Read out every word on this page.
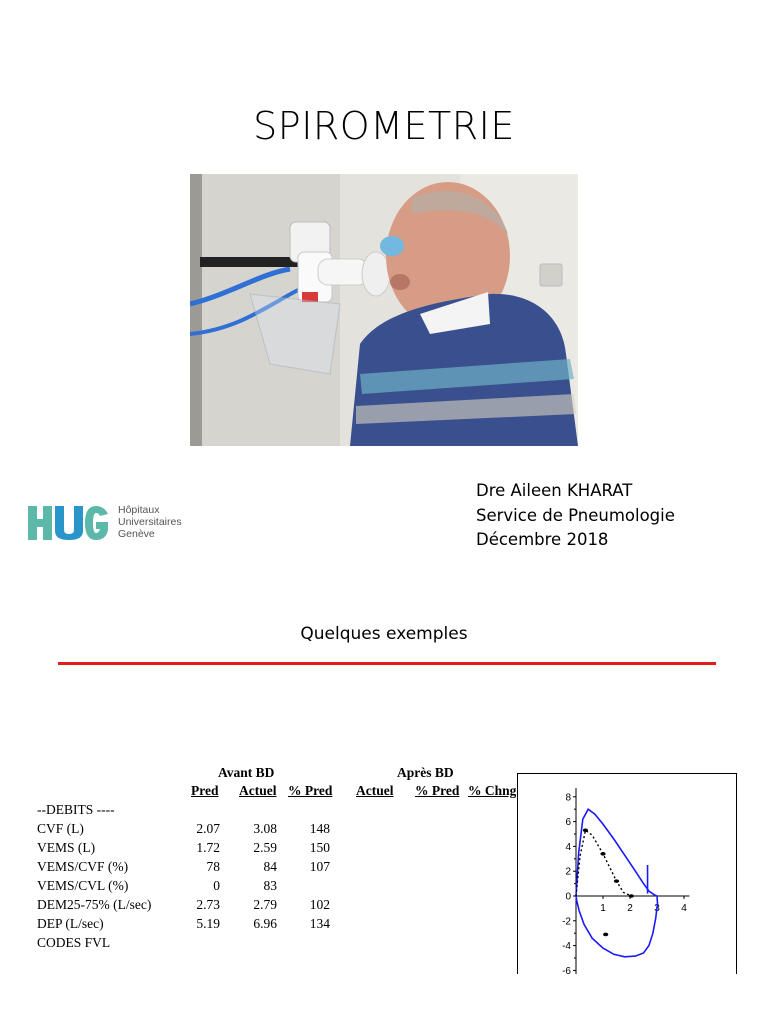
SPIROMETRIE
Hôpitaux
Universitaires
Genève
Dre Aileen KHARAT
Service de Pneumologie
Décembre 2018
Quelques exemples
Avant BD	Après BD
Pred Actuel % Pred Actuel % Pred % Chng
--DEBITS ----
CVF (L)	2.07	3.08	148
VEMS (L)	1.72	2.59	150
VEMS/CVF (%)	78	84	107
VEMS/CVL (%)	0	83
DEM25-75% (L/sec)	2.73	2.79	102
DEP (L/sec)	5.19	6.96	134
CODES FVL
8
6
4
2
0
-2
-4
-6
1 2 3 4
